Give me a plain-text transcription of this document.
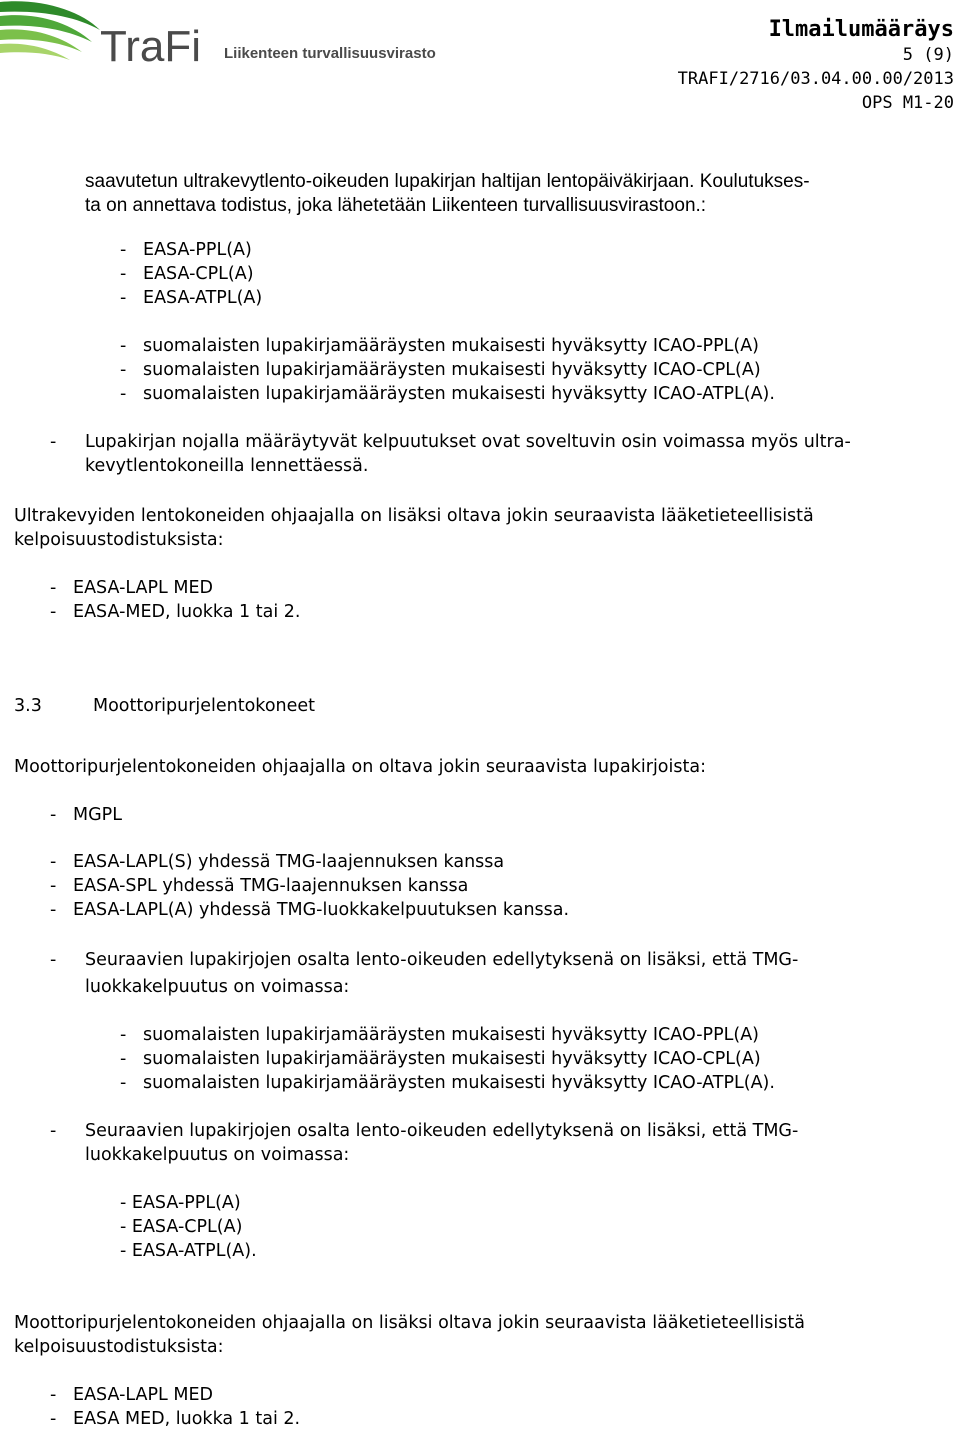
TraFi Liikenteen turvallisuusvirasto
Ilmailumääräys
5 (9)
TRAFI/2716/03.04.00.00/2013
OPS M1-20
saavutetun ultrakevytlento-oikeuden lupakirjan haltijan lentopäiväkirjaan. Koulutukses-
ta on annettava todistus, joka lähetetään Liikenteen turvallisuusvirastoon.:
-   EASA-PPL(A)
-   EASA-CPL(A)
-   EASA-ATPL(A)
-   suomalaisten lupakirjamääräysten mukaisesti hyväksytty ICAO-PPL(A)
-   suomalaisten lupakirjamääräysten mukaisesti hyväksytty ICAO-CPL(A)
-   suomalaisten lupakirjamääräysten mukaisesti hyväksytty ICAO-ATPL(A).
- Lupakirjan nojalla määräytyvät kelpuutukset ovat soveltuvin osin voimassa myös ultra-
kevytlentokoneilla lennettäessä.
Ultrakevyiden lentokoneiden ohjaajalla on lisäksi oltava jokin seuraavista lääketieteellisistä
kelpoisuustodistuksista:
-   EASA-LAPL MED
-   EASA-MED, luokka 1 tai 2.
3.3	Moottoripurjelentokoneet
Moottoripurjelentokoneiden ohjaajalla on oltava jokin seuraavista lupakirjoista:
-   MGPL
-   EASA-LAPL(S) yhdessä TMG-laajennuksen kanssa
-   EASA-SPL yhdessä TMG-laajennuksen kanssa
-   EASA-LAPL(A) yhdessä TMG-luokkakelpuutuksen kanssa.
- Seuraavien lupakirjojen osalta lento-oikeuden edellytyksenä on lisäksi, että TMG-
luokkakelpuutus on voimassa:
-   suomalaisten lupakirjamääräysten mukaisesti hyväksytty ICAO-PPL(A)
-   suomalaisten lupakirjamääräysten mukaisesti hyväksytty ICAO-CPL(A)
-   suomalaisten lupakirjamääräysten mukaisesti hyväksytty ICAO-ATPL(A).
- Seuraavien lupakirjojen osalta lento-oikeuden edellytyksenä on lisäksi, että TMG-
luokkakelpuutus on voimassa:
- EASA-PPL(A)
- EASA-CPL(A)
- EASA-ATPL(A).
Moottoripurjelentokoneiden ohjaajalla on lisäksi oltava jokin seuraavista lääketieteellisistä
kelpoisuustodistuksista:
-   EASA-LAPL MED
-   EASA MED, luokka 1 tai 2.
